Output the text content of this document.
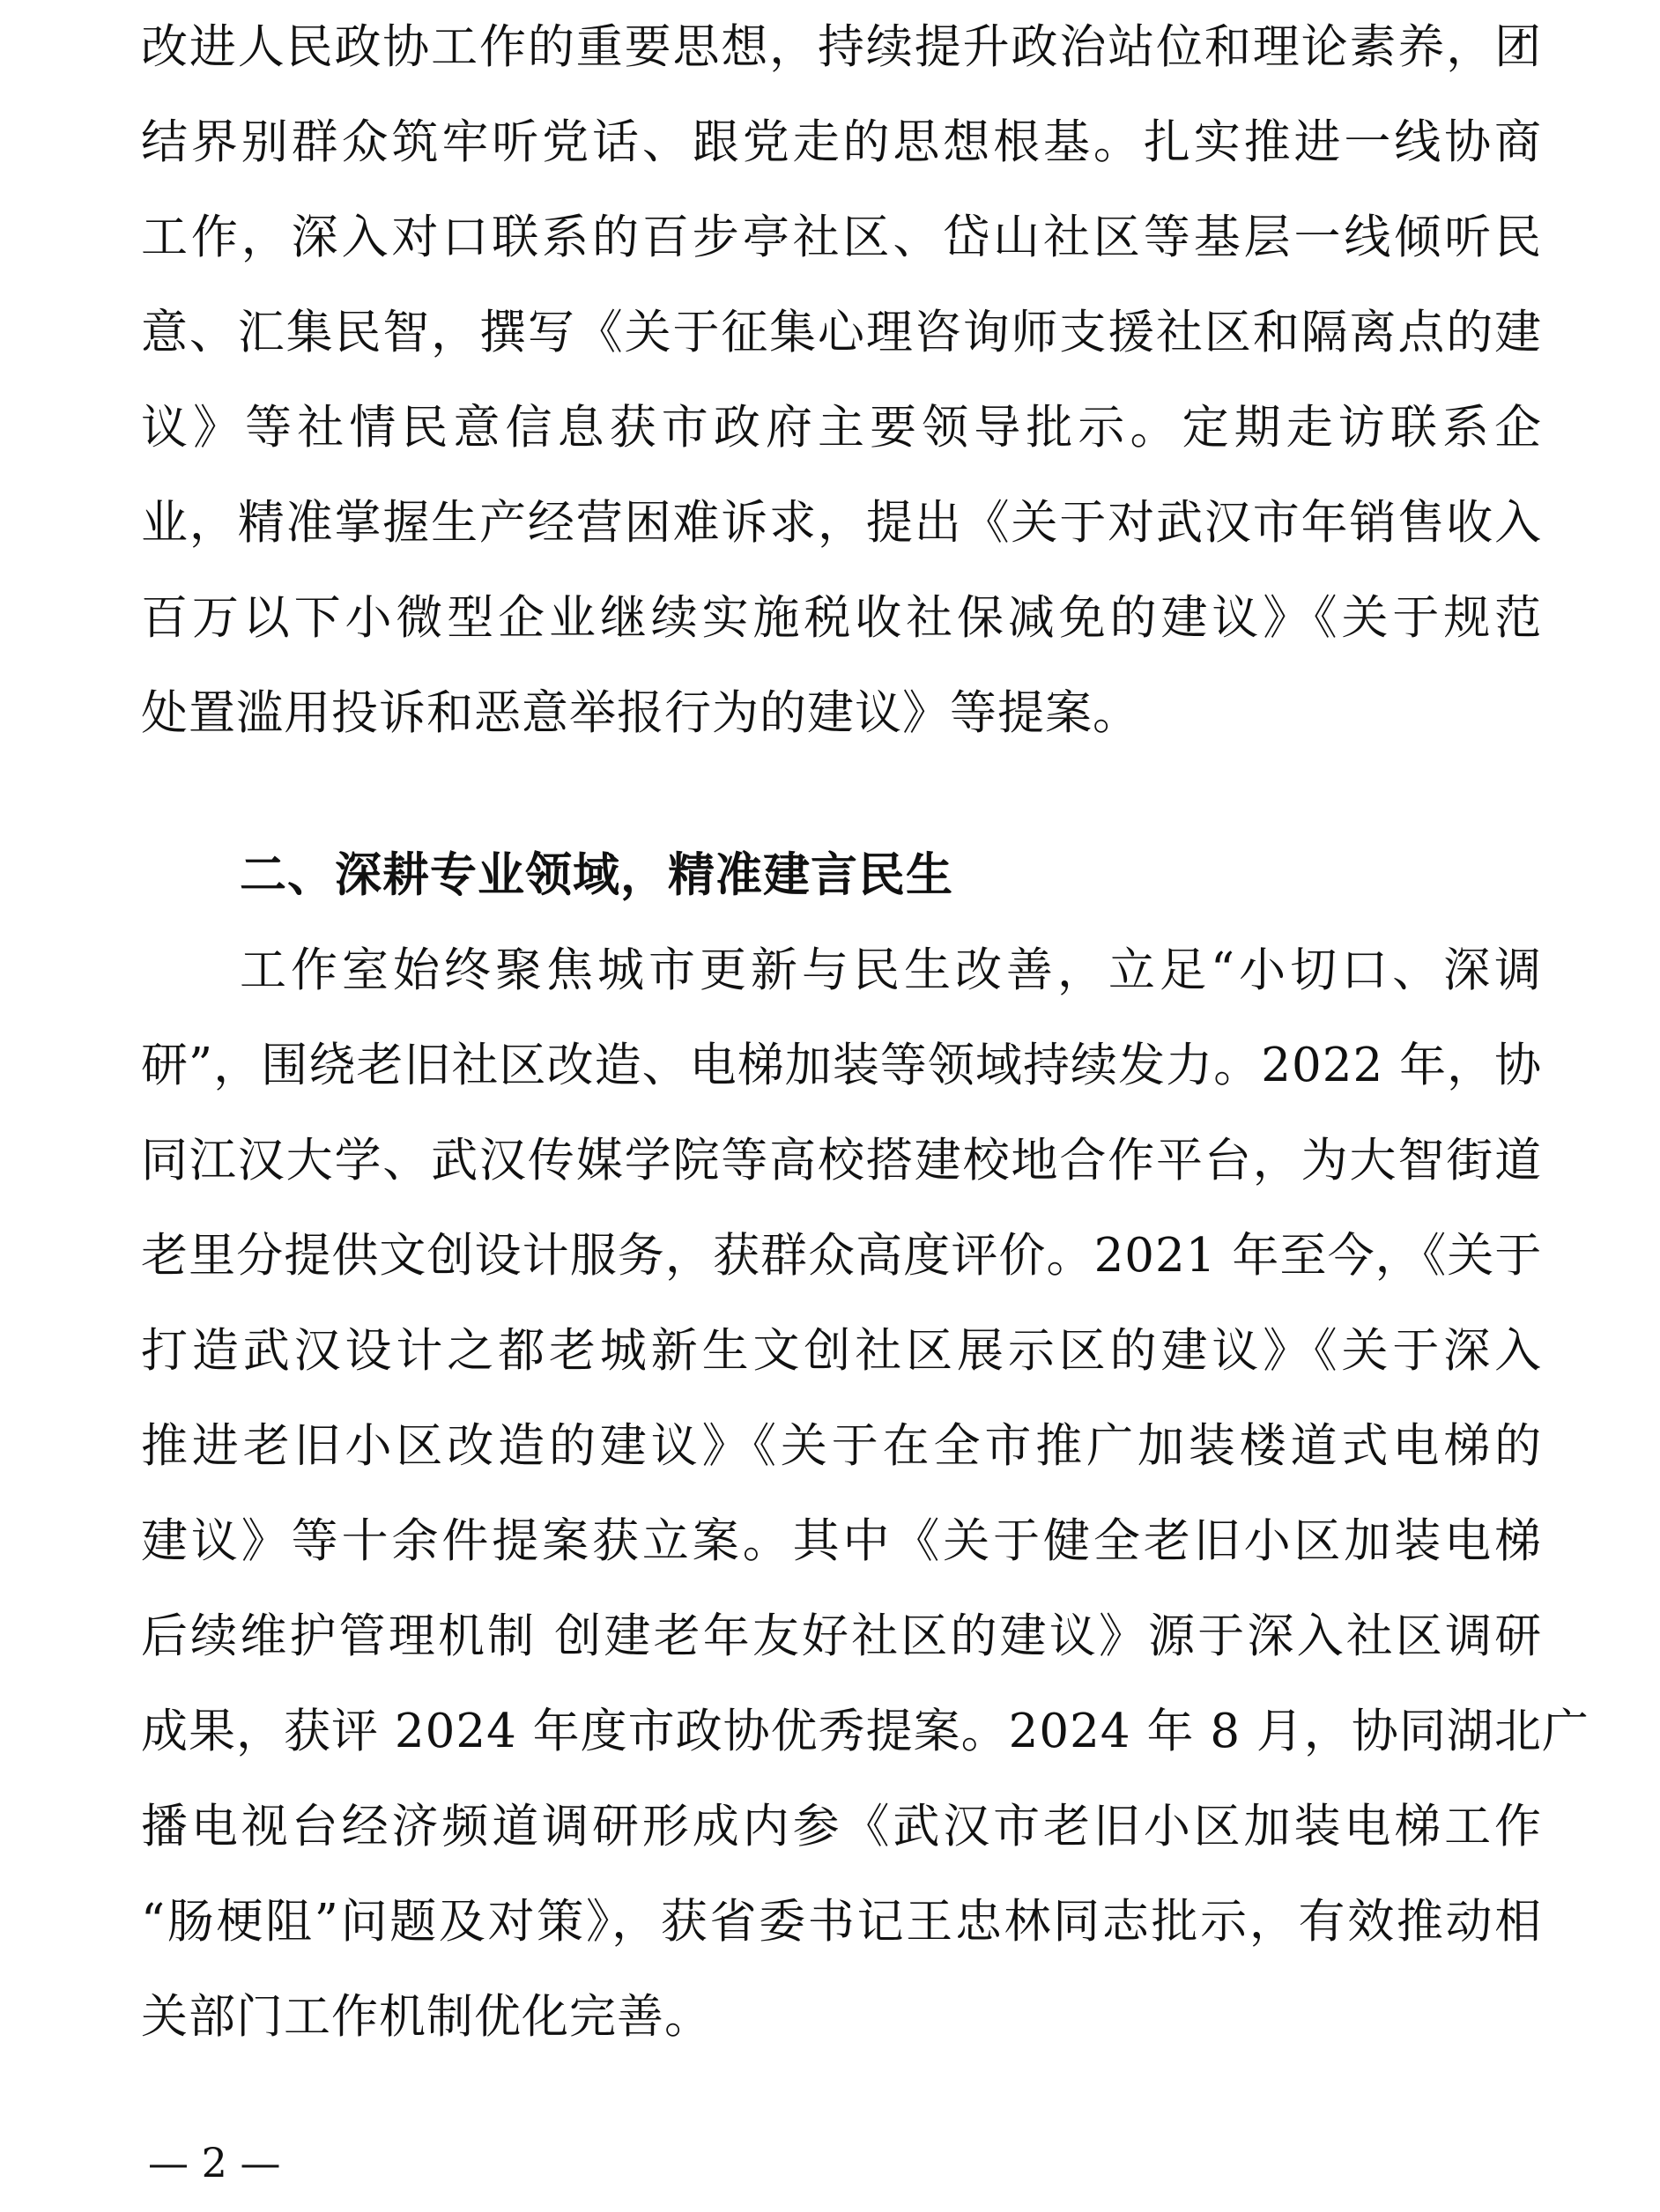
改进人民政协工作的重要思想，持续提升政治站位和理论素养，团
结界别群众筑牢听党话、跟党走的思想根基。扎实推进一线协商
工作，深入对口联系的百步亭社区、岱山社区等基层一线倾听民
意、汇集民智，撰写《关于征集心理咨询师支援社区和隔离点的建
议》等社情民意信息获市政府主要领导批示。定期走访联系企
业，精准掌握生产经营困难诉求，提出《关于对武汉市年销售收入
百万以下小微型企业继续实施税收社保减免的建议》《关于规范
处置滥用投诉和恶意举报行为的建议》等提案。
二、深耕专业领域，精准建言民生
工作室始终聚焦城市更新与民生改善，立足“小切口、深调
研”，围绕老旧社区改造、电梯加装等领域持续发力。2022 年，协
同江汉大学、武汉传媒学院等高校搭建校地合作平台，为大智街道
老里分提供文创设计服务，获群众高度评价。2021 年至今，《关于
打造武汉设计之都老城新生文创社区展示区的建议》《关于深入
推进老旧小区改造的建议》《关于在全市推广加装楼道式电梯的
建议》等十余件提案获立案。其中《关于健全老旧小区加装电梯
后续维护管理机制 创建老年友好社区的建议》源于深入社区调研
成果，获评 2024 年度市政协优秀提案。2024 年 8 月，协同湖北广
播电视台经济频道调研形成内参《武汉市老旧小区加装电梯工作
“肠梗阻”问题及对策》，获省委书记王忠林同志批示，有效推动相
关部门工作机制优化完善。
— 2 —
